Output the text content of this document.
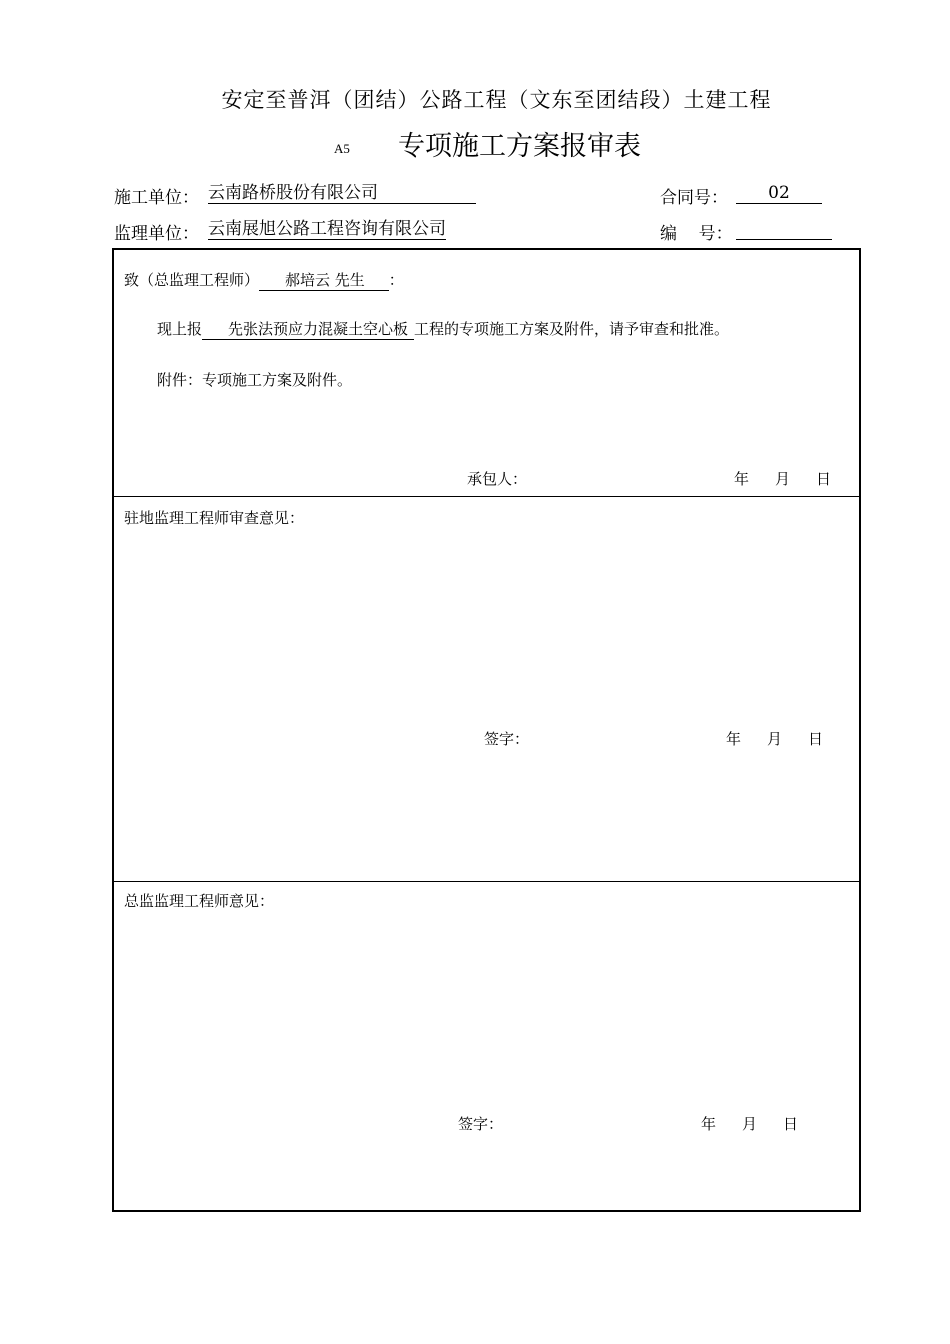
安定至普洱（团结）公路工程（文东至团结段）土建工程
A5 专项施工方案报审表
施工单位： 云南路桥股份有限公司	合同号：	02
监理单位： 云南展旭公路工程咨询有限公司	编    号：
致（总监理工程师） 郝培云 先生 ：
现上报 先张法预应力混凝土空心板 工程的专项施工方案及附件，请予审查和批准。
附件：专项施工方案及附件。
承包人：	年 月 日
驻地监理工程师审查意见：
签字：	年 月 日
总监监理工程师意见：
签字：	年 月 日
